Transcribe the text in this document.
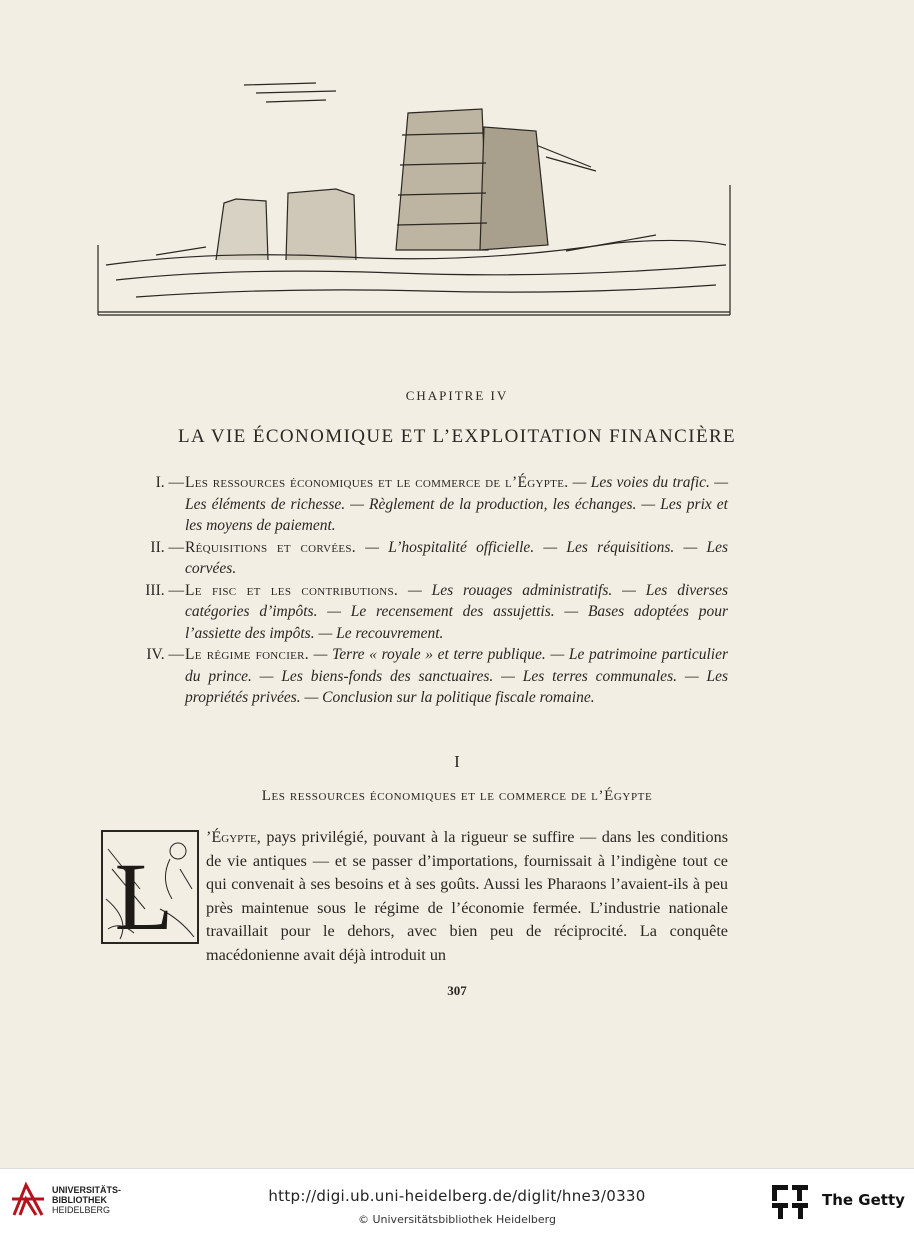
CHAPITRE IV
LA VIE ÉCONOMIQUE ET L’EXPLOITATION FINANCIÈRE
I. — Les ressources économiques et le commerce de l’Égypte. — Les voies du trafic. — Les éléments de richesse. — Règlement de la production, les échanges. — Les prix et les moyens de paiement.
II. — Réquisitions et corvées. — L’hospitalité officielle. — Les réquisitions. — Les corvées.
III. — Le fisc et les contributions. — Les rouages administratifs. — Les diverses catégories d’impôts. — Le recensement des assujettis. — Bases adoptées pour l’assiette des impôts. — Le recouvrement.
IV. — Le régime foncier. — Terre « royale » et terre publique. — Le patrimoine particulier du prince. — Les biens-fonds des sanctuaires. — Les terres communales. — Les propriétés privées. — Conclusion sur la politique fiscale romaine.
I
Les ressources économiques et le commerce de l’Égypte
L
’Égypte, pays privilégié, pouvant à la rigueur se suffire — dans les conditions de vie antiques — et se passer d’importations, fournissait à l’indigène tout ce qui convenait à ses besoins et à ses goûts. Aussi les Pharaons l’avaient-ils à peu près maintenue sous le régime de l’économie fermée. L’industrie nationale travaillait pour le dehors, avec bien peu de réciprocité. La conquête macédonienne avait déjà introduit un
307
UNIVERSITÄTS-
BIBLIOTHEK
HEIDELBERG
http://digi.ub.uni-heidelberg.de/diglit/hne3/0330
© Universitätsbibliothek Heidelberg
The Getty
